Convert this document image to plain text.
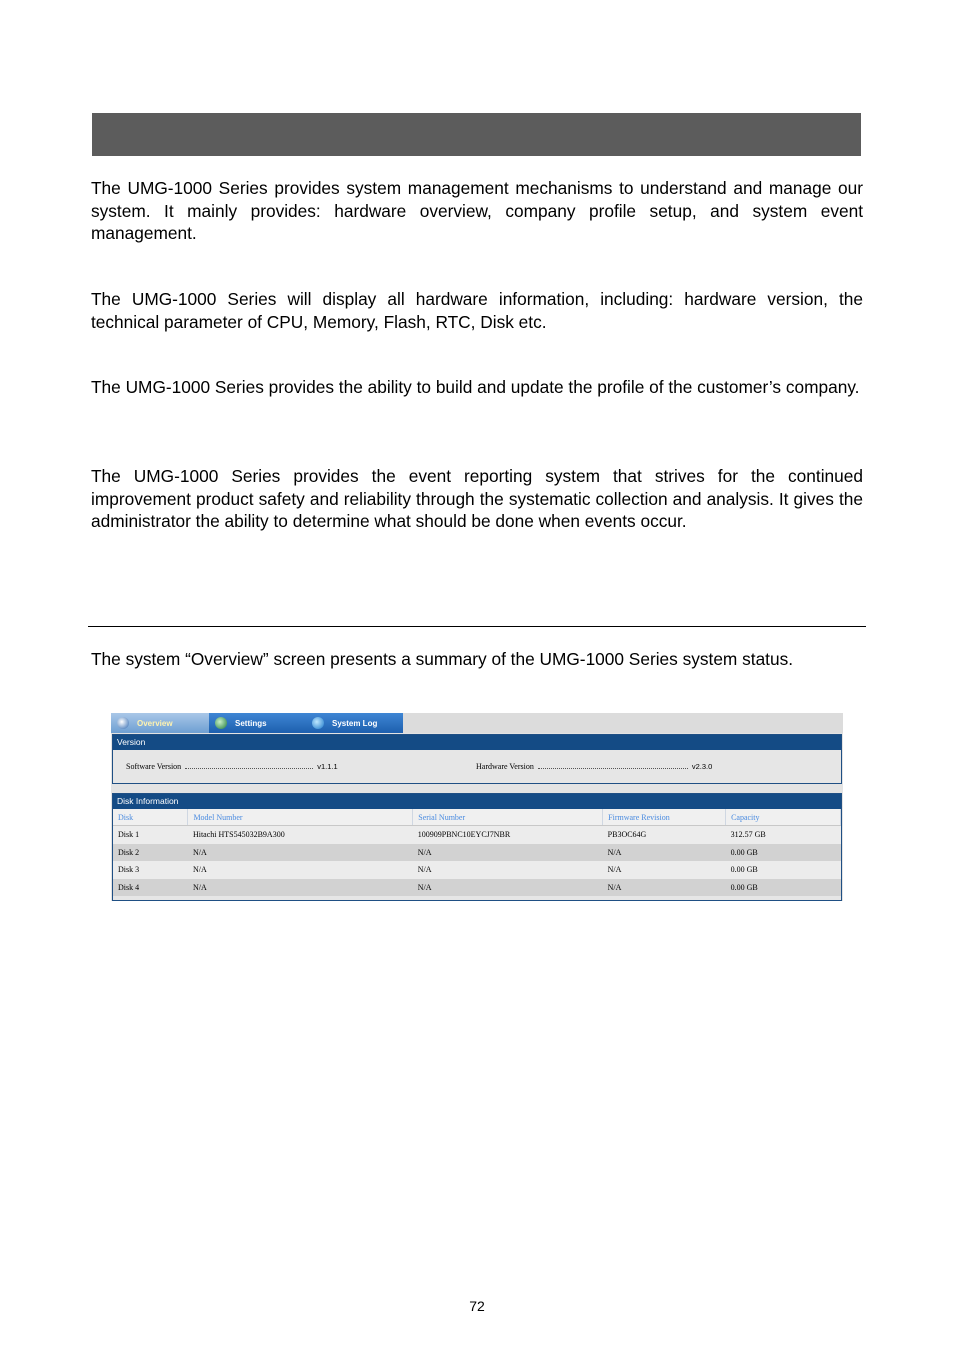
The UMG-1000 Series provides system management mechanisms to understand and manage our system. It mainly provides: hardware overview, company profile setup, and system event management.

The UMG-1000 Series will display all hardware information, including: hardware version, the technical parameter of CPU, Memory, Flash, RTC, Disk etc.

The UMG-1000 Series provides the ability to build and update the profile of the customer’s company.

The UMG-1000 Series provides the event reporting system that strives for the continued improvement product safety and reliability through the systematic collection and analysis. It gives the administrator the ability to determine what should be done when events occur.

The system “Overview” screen presents a summary of the UMG-1000 Series system status.

Overview	Settings	System Log
Version
Software Version	v1.1.1	Hardware Version	v2.3.0
Disk Information
Disk	Model Number	Serial Number	Firmware Revision	Capacity
Disk 1	Hitachi HTS545032B9A300	100909PBNC10EYCJ7NBR	PB3OC64G	312.57 GB
Disk 2	N/A	N/A	N/A	0.00 GB
Disk 3	N/A	N/A	N/A	0.00 GB
Disk 4	N/A	N/A	N/A	0.00 GB
72
